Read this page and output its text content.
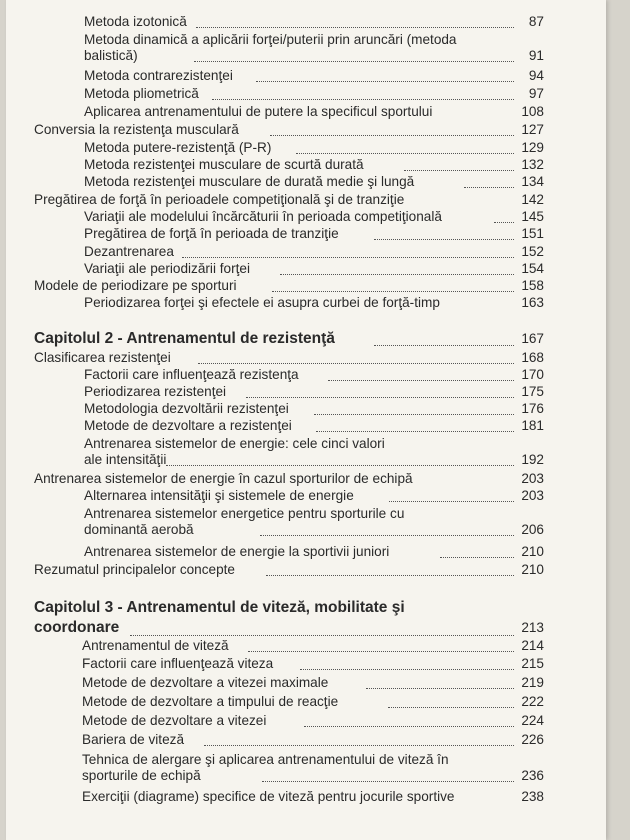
Metoda izotonică	87
Metoda dinamică a aplicării forţei/puterii prin aruncări (metoda balistică)	91
Metoda contrarezistenţei	94
Metoda pliometrică	97
Aplicarea antrenamentului de putere la specificul sportului	108
Conversia la rezistenţa musculară	127
Metoda putere-rezistenţă (P-R)	129
Metoda rezistenţei musculare de scurtă durată	132
Metoda rezistenţei musculare de durată medie şi lungă	134
Pregătirea de forţă în perioadele competiţională şi de tranziţie	142
Variaţii ale modelului încărcăturii în perioada competiţională	145
Pregătirea de forţă în perioada de tranziţie	151
Dezantrenarea	152
Variaţii ale periodizării forţei	154
Modele de periodizare pe sporturi	158
Periodizarea forţei şi efectele ei asupra curbei de forţă-timp	163
Capitolul 2 - Antrenamentul de rezistenţă	167
Clasificarea rezistenţei	168
Factorii care influenţează rezistenţa	170
Periodizarea rezistenţei	175
Metodologia dezvoltării rezistenţei	176
Metode de dezvoltare a rezistenţei	181
Antrenarea sistemelor de energie: cele cinci valori ale intensităţii	192
Antrenarea sistemelor de energie în cazul sporturilor de echipă	203
Alternarea intensităţii şi sistemele de energie	203
Antrenarea sistemelor energetice pentru sporturile cu dominantă aerobă	206
Antrenarea sistemelor de energie la sportivii juniori	210
Rezumatul principalelor concepte	210
Capitolul 3 - Antrenamentul de viteză, mobilitate şi coordonare	213
Antrenamentul de viteză	214
Factorii care influenţează viteza	215
Metode de dezvoltare a vitezei maximale	219
Metode de dezvoltare a timpului de reacţie	222
Metode de dezvoltare a vitezei	224
Bariera de viteză	226
Tehnica de alergare şi aplicarea antrenamentului de viteză în sporturile de echipă	236
Exerciţii (diagrame) specifice de viteză pentru jocurile sportive	238
